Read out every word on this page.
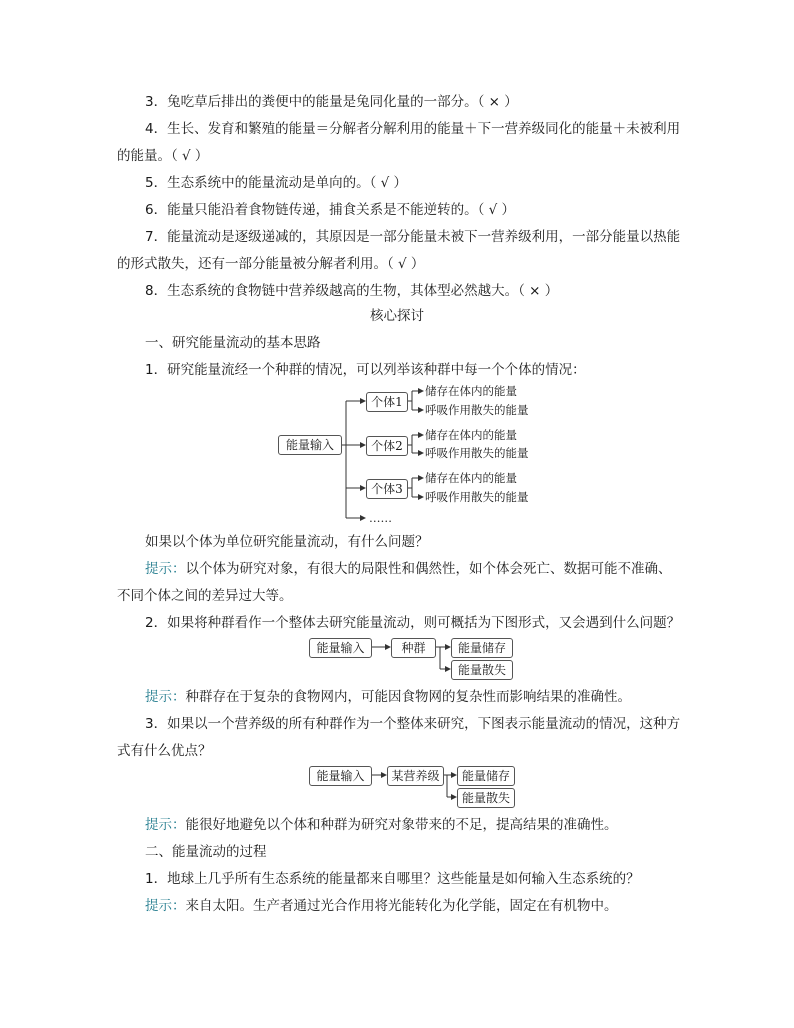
3．兔吃草后排出的粪便中的能量是兔同化量的一部分。（ × ）
4．生长、发育和繁殖的能量＝分解者分解利用的能量＋下一营养级同化的能量＋未被利用
的能量。（ √ ）
5．生态系统中的能量流动是单向的。（ √ ）
6．能量只能沿着食物链传递，捕食关系是不能逆转的。（ √ ）
7．能量流动是逐级递减的，其原因是一部分能量未被下一营养级利用，一部分能量以热能
的形式散失，还有一部分能量被分解者利用。（ √ ）
8．生态系统的食物链中营养级越高的生物，其体型必然越大。（ × ）
核心探讨
一、研究能量流动的基本思路
1．研究能量流经一个种群的情况，可以列举该种群中每一个个体的情况：
能量输入
个体1
个体2
个体3
储存在体内的能量
呼吸作用散失的能量
储存在体内的能量
呼吸作用散失的能量
储存在体内的能量
呼吸作用散失的能量
……
如果以个体为单位研究能量流动，有什么问题？
提示：以个体为研究对象，有很大的局限性和偶然性，如个体会死亡、数据可能不准确、
不同个体之间的差异过大等。
2．如果将种群看作一个整体去研究能量流动，则可概括为下图形式，又会遇到什么问题？
能量输入	种群	能量储存
能量散失
提示：种群存在于复杂的食物网内，可能因食物网的复杂性而影响结果的准确性。
3．如果以一个营养级的所有种群作为一个整体来研究，下图表示能量流动的情况，这种方
式有什么优点？
能量输入	某营养级	能量储存
能量散失
提示：能很好地避免以个体和种群为研究对象带来的不足，提高结果的准确性。
二、能量流动的过程
1．地球上几乎所有生态系统的能量都来自哪里？这些能量是如何输入生态系统的？
提示：来自太阳。生产者通过光合作用将光能转化为化学能，固定在有机物中。
